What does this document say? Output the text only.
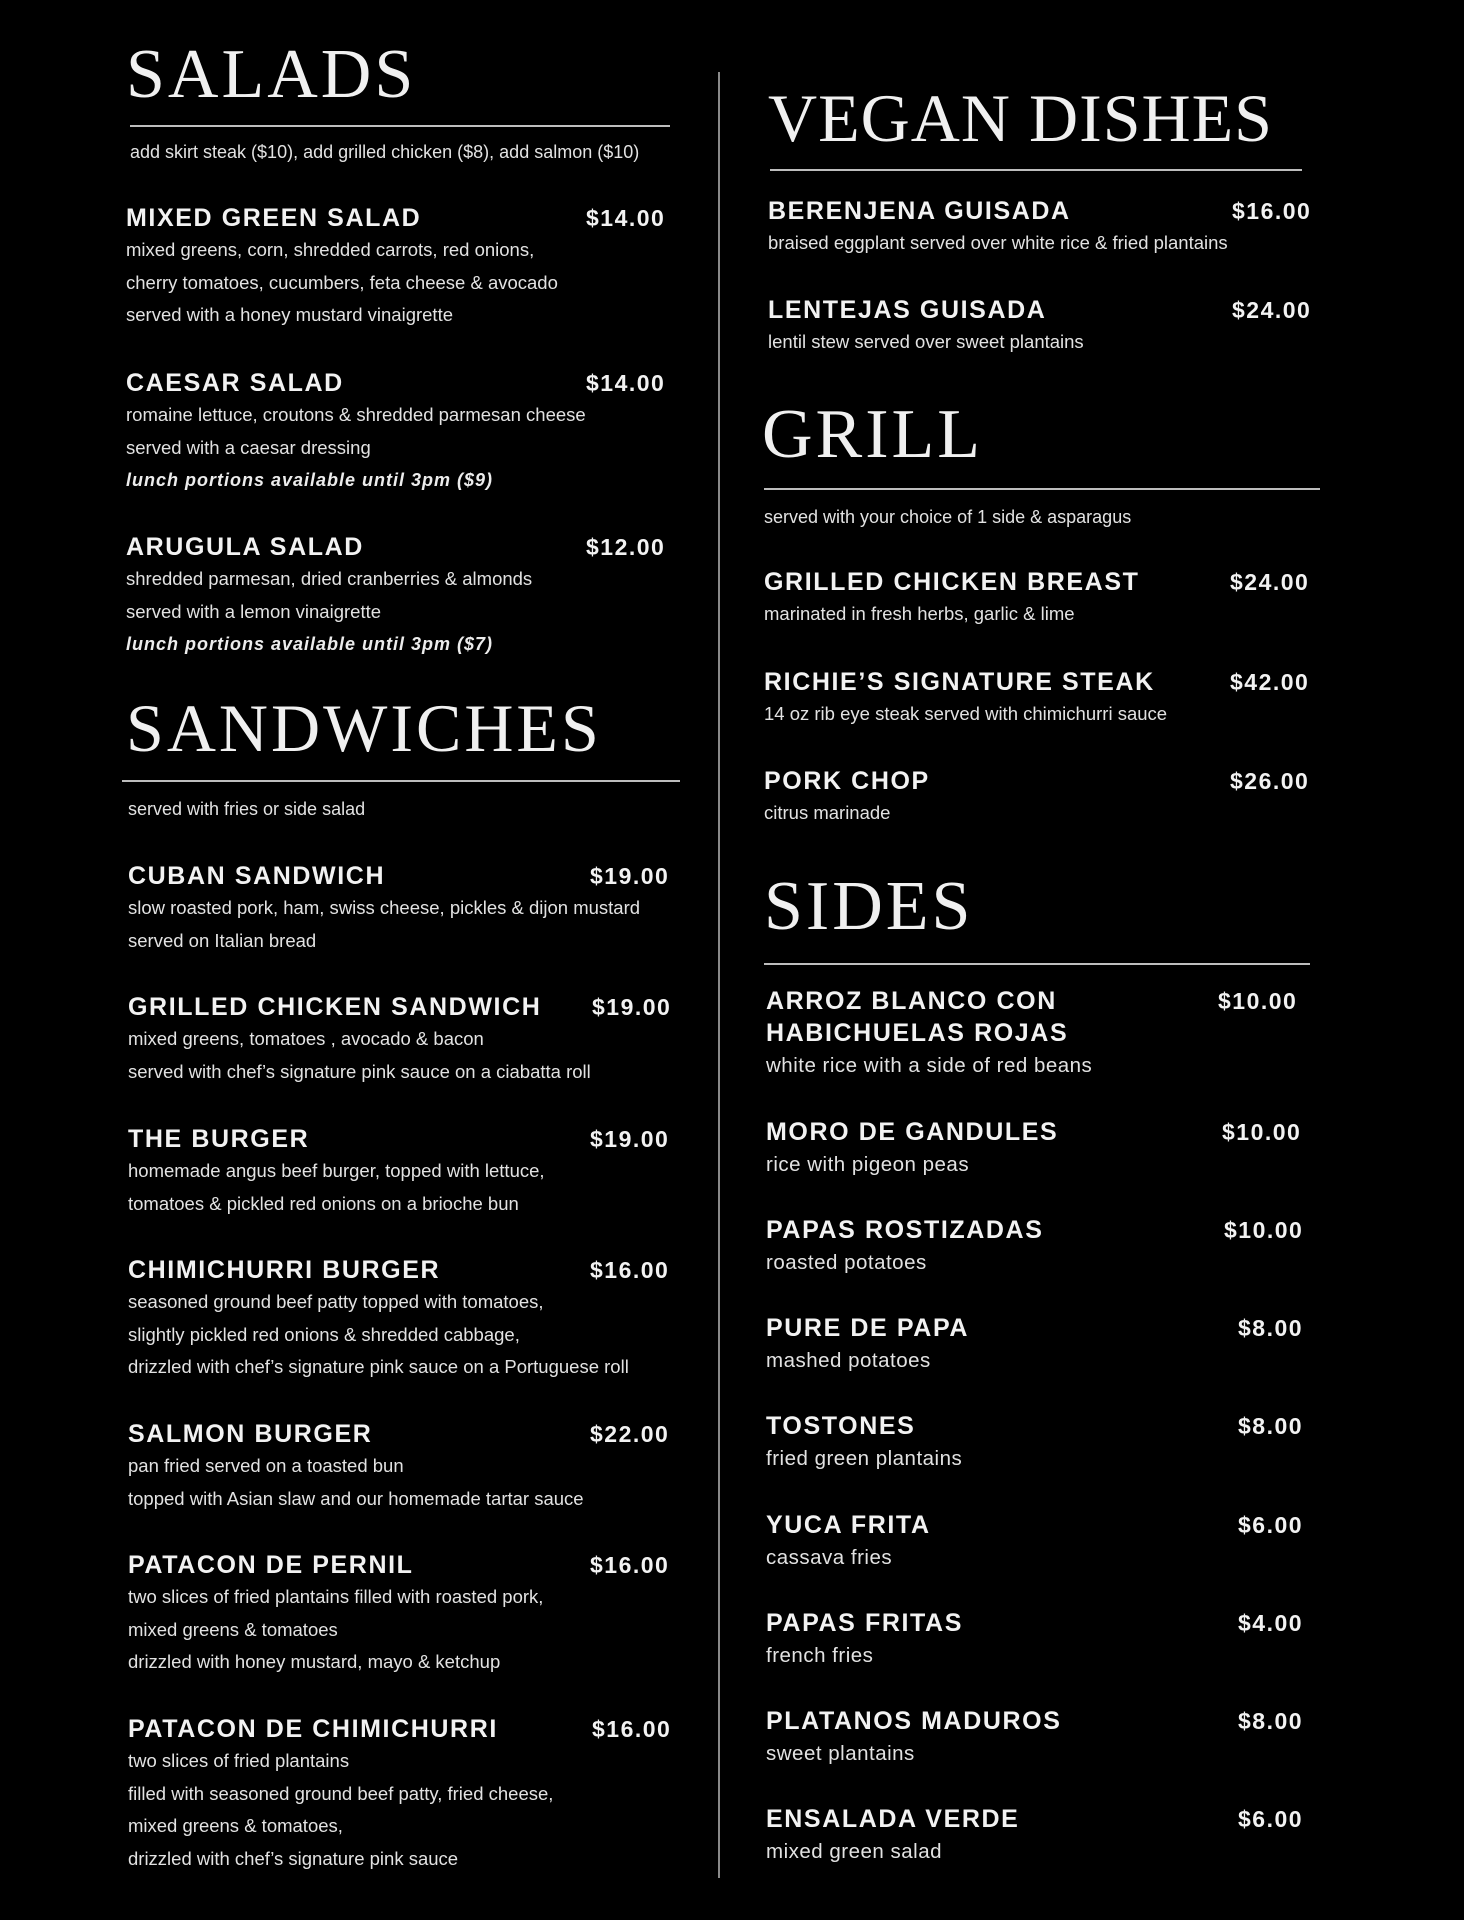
SALADS

add skirt steak ($10), add grilled chicken ($8), add salmon ($10)

MIXED GREEN SALAD	$14.00
mixed greens, corn, shredded carrots, red onions,
cherry tomatoes, cucumbers, feta cheese & avocado
served with a honey mustard vinaigrette
CAESAR SALAD	$14.00
romaine lettuce, croutons & shredded parmesan cheese
served with a caesar dressing
lunch portions available until 3pm ($9)
ARUGULA SALAD	$12.00
shredded parmesan, dried cranberries & almonds
served with a lemon vinaigrette
lunch portions available until 3pm ($7)
SANDWICHES

served with fries or side salad

CUBAN SANDWICH	$19.00
slow roasted pork, ham, swiss cheese, pickles & dijon mustard
served on Italian bread
GRILLED CHICKEN SANDWICH $19.00
mixed greens, tomatoes , avocado & bacon
served with chef’s signature pink sauce on a ciabatta roll
THE BURGER	$19.00
homemade angus beef burger, topped with lettuce,
tomatoes & pickled red onions on a brioche bun
CHIMICHURRI BURGER	$16.00
seasoned ground beef patty topped with tomatoes,
slightly pickled red onions & shredded cabbage,
drizzled with chef’s signature pink sauce on a Portuguese roll
SALMON BURGER	$22.00
pan fried served on a toasted bun
topped with Asian slaw and our homemade tartar sauce
PATACON DE PERNIL	$16.00
two slices of fried plantains filled with roasted pork,
mixed greens & tomatoes
drizzled with honey mustard, mayo & ketchup
PATACON DE CHIMICHURRI	$16.00
two slices of fried plantains
filled with seasoned ground beef patty, fried cheese,
mixed greens & tomatoes,
drizzled with chef’s signature pink sauce
VEGAN DISHES
BERENJENA GUISADA	$16.00
braised eggplant served over white rice & fried plantains
LENTEJAS GUISADA	$24.00
lentil stew served over sweet plantains
GRILL

served with your choice of 1 side & asparagus

GRILLED CHICKEN BREAST	$24.00
marinated in fresh herbs, garlic & lime
RICHIE’S SIGNATURE STEAK	$42.00
14 oz rib eye steak served with chimichurri sauce
PORK CHOP	$26.00
citrus marinade
SIDES
ARROZ BLANCO CON	$10.00
HABICHUELAS ROJAS
white rice with a side of red beans
MORO DE GANDULES	$10.00
rice with pigeon peas
PAPAS ROSTIZADAS	$10.00
roasted potatoes
PURE DE PAPA	$8.00
mashed potatoes
TOSTONES	$8.00
fried green plantains
YUCA FRITA	$6.00
cassava fries
PAPAS FRITAS	$4.00
french fries
PLATANOS MADUROS	$8.00
sweet plantains
ENSALADA VERDE	$6.00
mixed green salad
